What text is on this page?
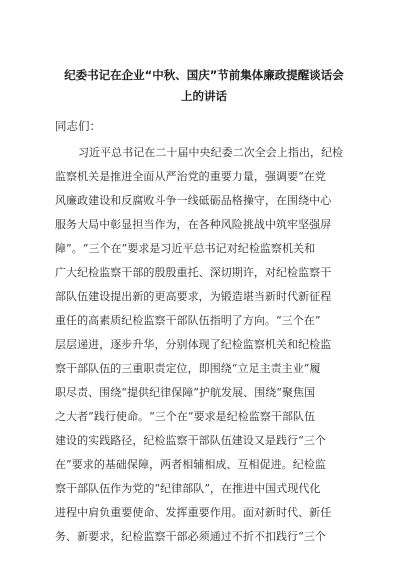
纪委书记在企业“中秋、国庆”节前集体廉政提醒谈话会
上的讲话
同志们：
习近平总书记在二十届中央纪委二次全会上指出，纪检
监察机关是推进全面从严治党的重要力量，强调要“在党
风廉政建设和反腐败斗争一线砥砺品格操守，在围绕中心
服务大局中彰显担当作为，在各种风险挑战中筑牢坚强屏
障”。“三个在”要求是习近平总书记对纪检监察机关和
广大纪检监察干部的殷殷重托、深切期许，对纪检监察干
部队伍建设提出新的更高要求，为锻造堪当新时代新征程
重任的高素质纪检监察干部队伍指明了方向。“三个在”
层层递进，逐步升华，分别体现了纪检监察机关和纪检监
察干部队伍的三重职责定位，即围绕“立足主责主业”履
职尽责、围绕“提供纪律保障”护航发展、围绕“聚焦国
之大者”践行使命。“三个在”要求是纪检监察干部队伍
建设的实践路径，纪检监察干部队伍建设又是践行“三个
在”要求的基础保障，两者相辅相成、互相促进。纪检监
察干部队伍作为党的“纪律部队”，在推进中国式现代化
进程中肩负重要使命、发挥重要作用。面对新时代、新任
务、新要求，纪检监察干部必须通过不折不扣践行“三个
